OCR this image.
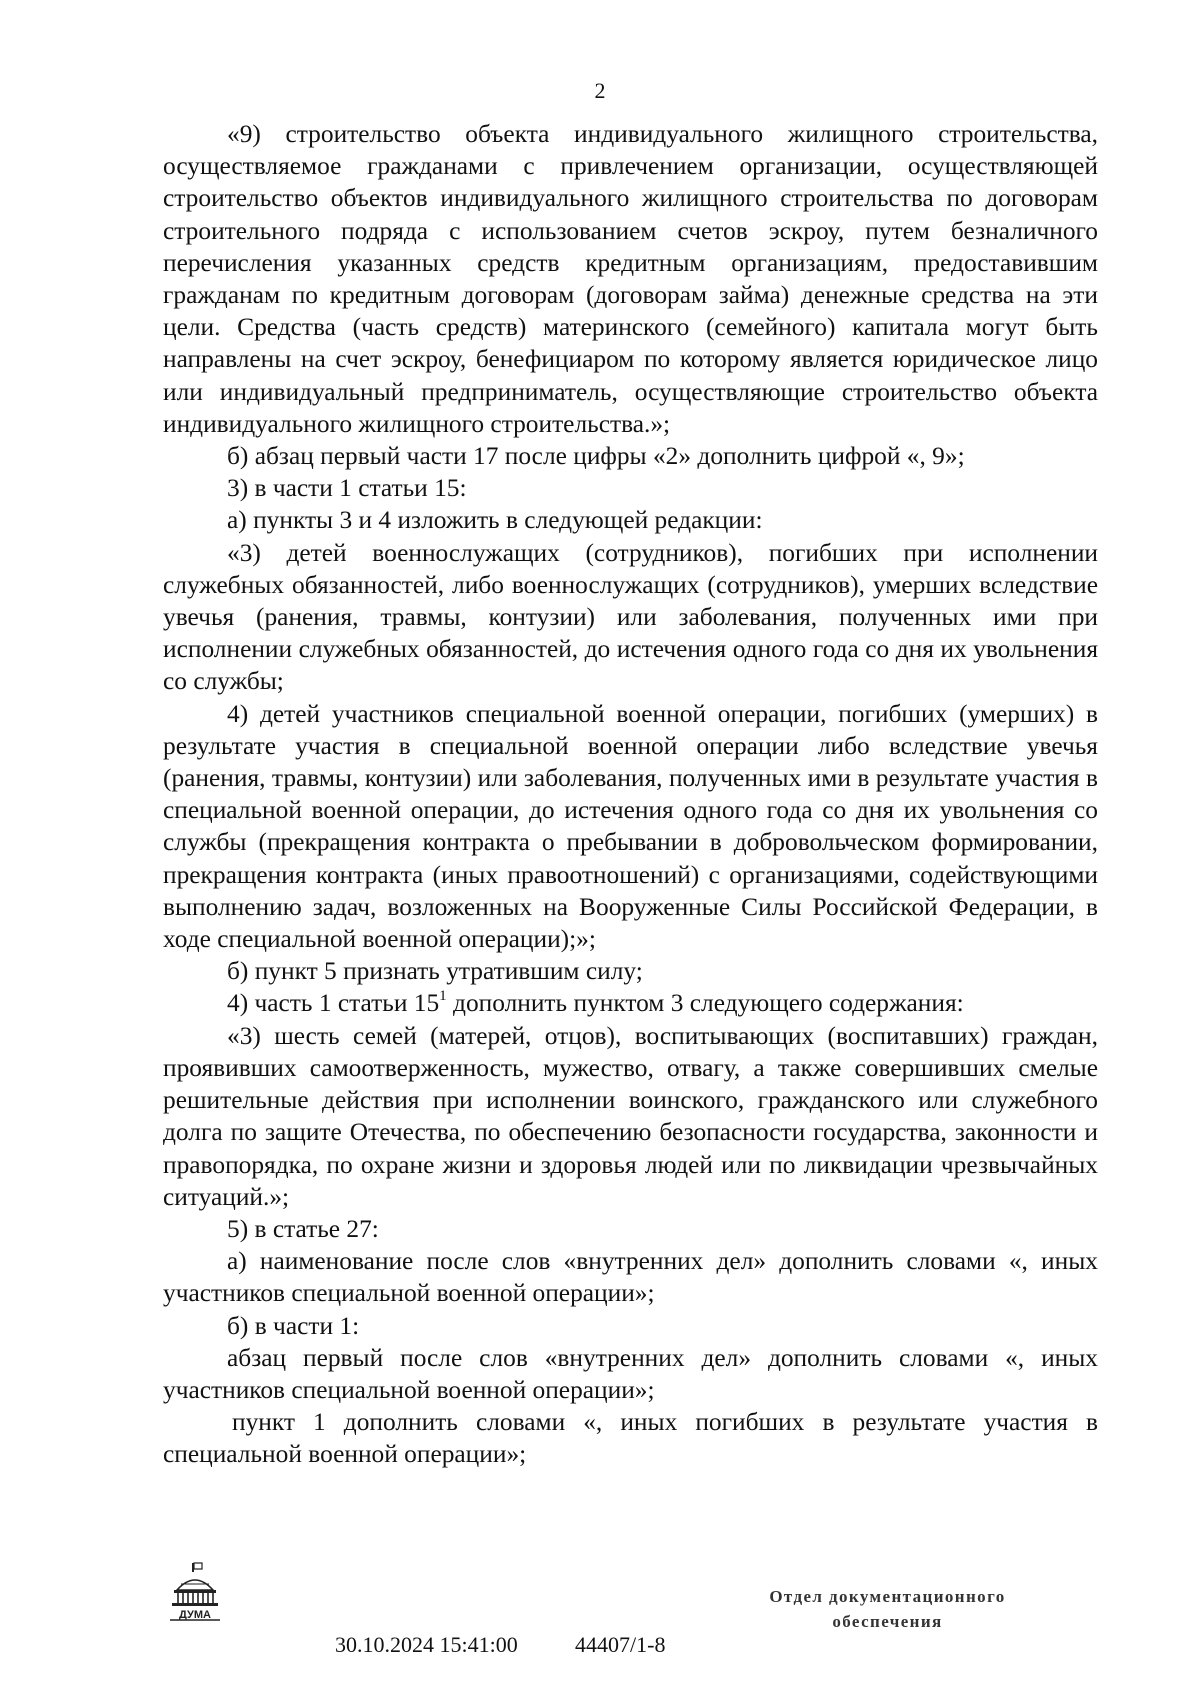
2

«9) строительство объекта индивидуального жилищного строительства, осуществляемое гражданами с привлечением организации, осуществляющей строительство объектов индивидуального жилищного строительства по договорам строительного подряда с использованием счетов эскроу, путем безналичного перечисления указанных средств кредитным организациям, предоставившим гражданам по кредитным договорам (договорам займа) денежные средства на эти цели. Средства (часть средств) материнского (семейного) капитала могут быть направлены на счет эскроу, бенефициаром по которому является юридическое лицо или индивидуальный предприниматель, осуществляющие строительство объекта индивидуального жилищного строительства.»;

б) абзац первый части 17 после цифры «2» дополнить цифрой «, 9»;

3) в части 1 статьи 15:

а) пункты 3 и 4 изложить в следующей редакции:

«3) детей военнослужащих (сотрудников), погибших при исполнении служебных обязанностей, либо военнослужащих (сотрудников), умерших вследствие увечья (ранения, травмы, контузии) или заболевания, полученных ими при исполнении служебных обязанностей, до истечения одного года со дня их увольнения со службы;

4) детей участников специальной военной операции, погибших (умерших) в результате участия в специальной военной операции либо вследствие увечья (ранения, травмы, контузии) или заболевания, полученных ими в результате участия в специальной военной операции, до истечения одного года со дня их увольнения со службы (прекращения контракта о пребывании в добровольческом формировании, прекращения контракта (иных правоотношений) с организациями, содействующими выполнению задач, возложенных на Вооруженные Силы Российской Федерации, в ходе специальной военной операции);»;

б) пункт 5 признать утратившим силу;

4) часть 1 статьи $15^1$ дополнить пунктом 3 следующего содержания:

«3) шесть семей (матерей, отцов), воспитывающих (воспитавших) граждан, проявивших самоотверженность, мужество, отвагу, а также совершивших смелые решительные действия при исполнении воинского, гражданского или служебного долга по защите Отечества, по обеспечению безопасности государства, законности и правопорядка, по охране жизни и здоровья людей или по ликвидации чрезвычайных ситуаций.»;

5) в статье 27:

а) наименование после слов «внутренних дел» дополнить словами «, иных участников специальной военной операции»;

б) в части 1:

абзац первый после слов «внутренних дел» дополнить словами «, иных участников специальной военной операции»;

пункт 1 дополнить словами «, иных погибших в результате участия в специальной военной операции»;

ДУМА
30.10.2024 15:41:00	44407/1-8
Отдел документационного
обеспечения
